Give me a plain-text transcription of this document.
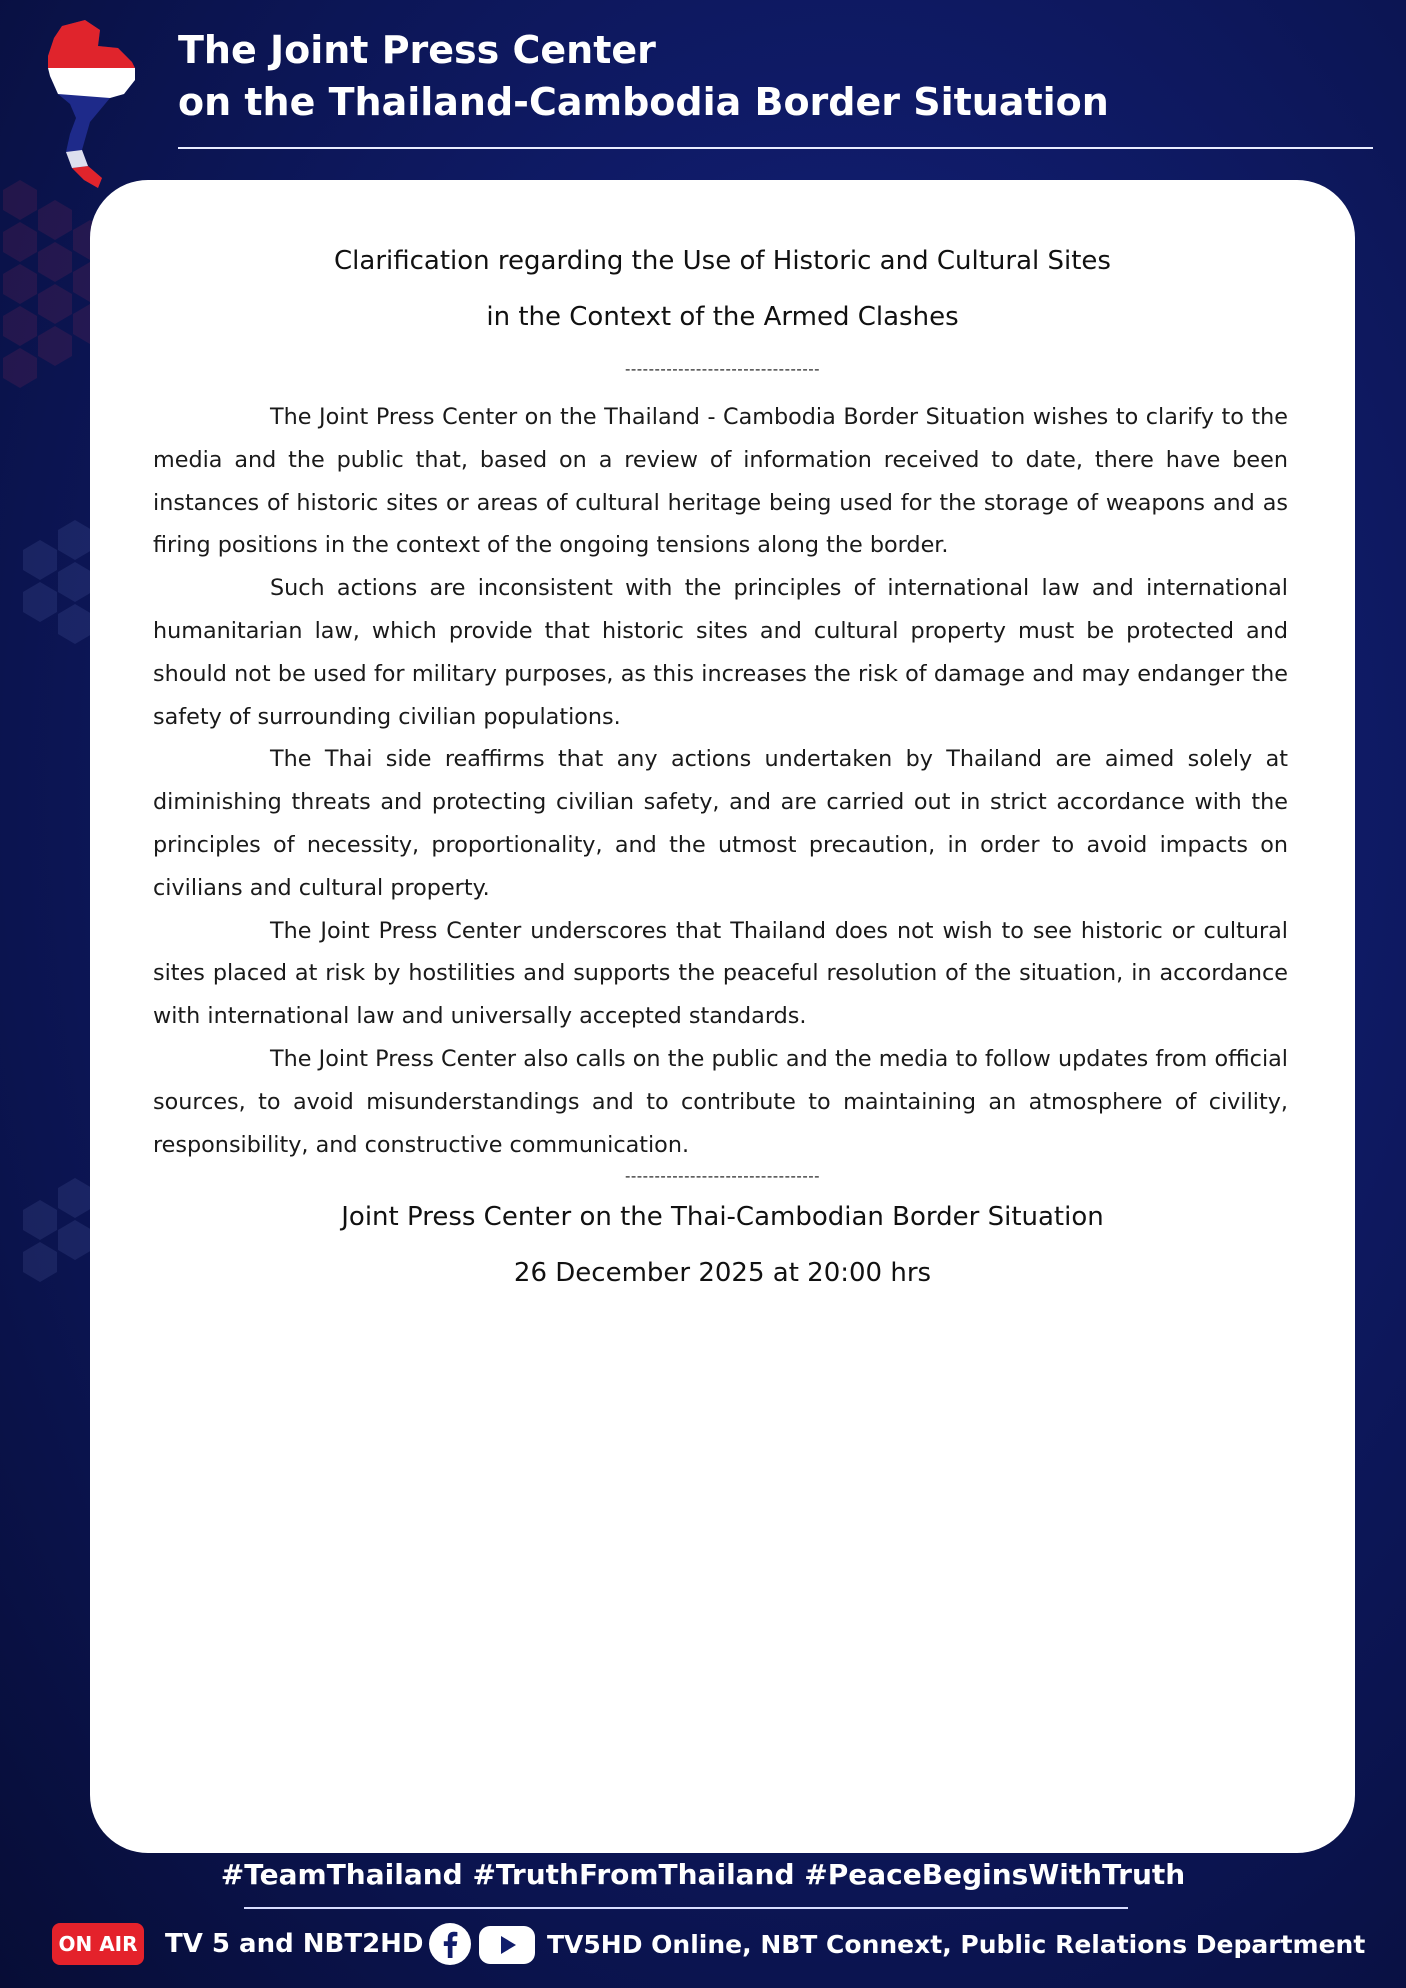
The Joint Press Center
on the Thailand-Cambodia Border Situation
Clarification regarding the Use of Historic and Cultural Sites
in the Context of the Armed Clashes
---------------------------------

The Joint Press Center on the Thailand - Cambodia Border Situation wishes to clarify to the media and the public that, based on a review of information received to date, there have been instances of historic sites or areas of cultural heritage being used for the storage of weapons and as firing positions in the context of the ongoing tensions along the border.

Such actions are inconsistent with the principles of international law and international humanitarian law, which provide that historic sites and cultural property must be protected and should not be used for military purposes, as this increases the risk of damage and may endanger the safety of surrounding civilian populations.

The Thai side reaffirms that any actions undertaken by Thailand are aimed solely at diminishing threats and protecting civilian safety, and are carried out in strict accordance with the principles of necessity, proportionality, and the utmost precaution, in order to avoid impacts on civilians and cultural property.

The Joint Press Center underscores that Thailand does not wish to see historic or cultural sites placed at risk by hostilities and supports the peaceful resolution of the situation, in accordance with international law and universally accepted standards.

The Joint Press Center also calls on the public and the media to follow updates from official sources, to avoid misunderstandings and to contribute to maintaining an atmosphere of civility, responsibility, and constructive communication.

---------------------------------
Joint Press Center on the Thai-Cambodian Border Situation
26 December 2025 at 20:00 hrs
#TeamThailand #TruthFromThailand #PeaceBeginsWithTruth
ON AIR TV 5 and NBT2HD	TV5HD Online, NBT Connext, Public Relations Department
